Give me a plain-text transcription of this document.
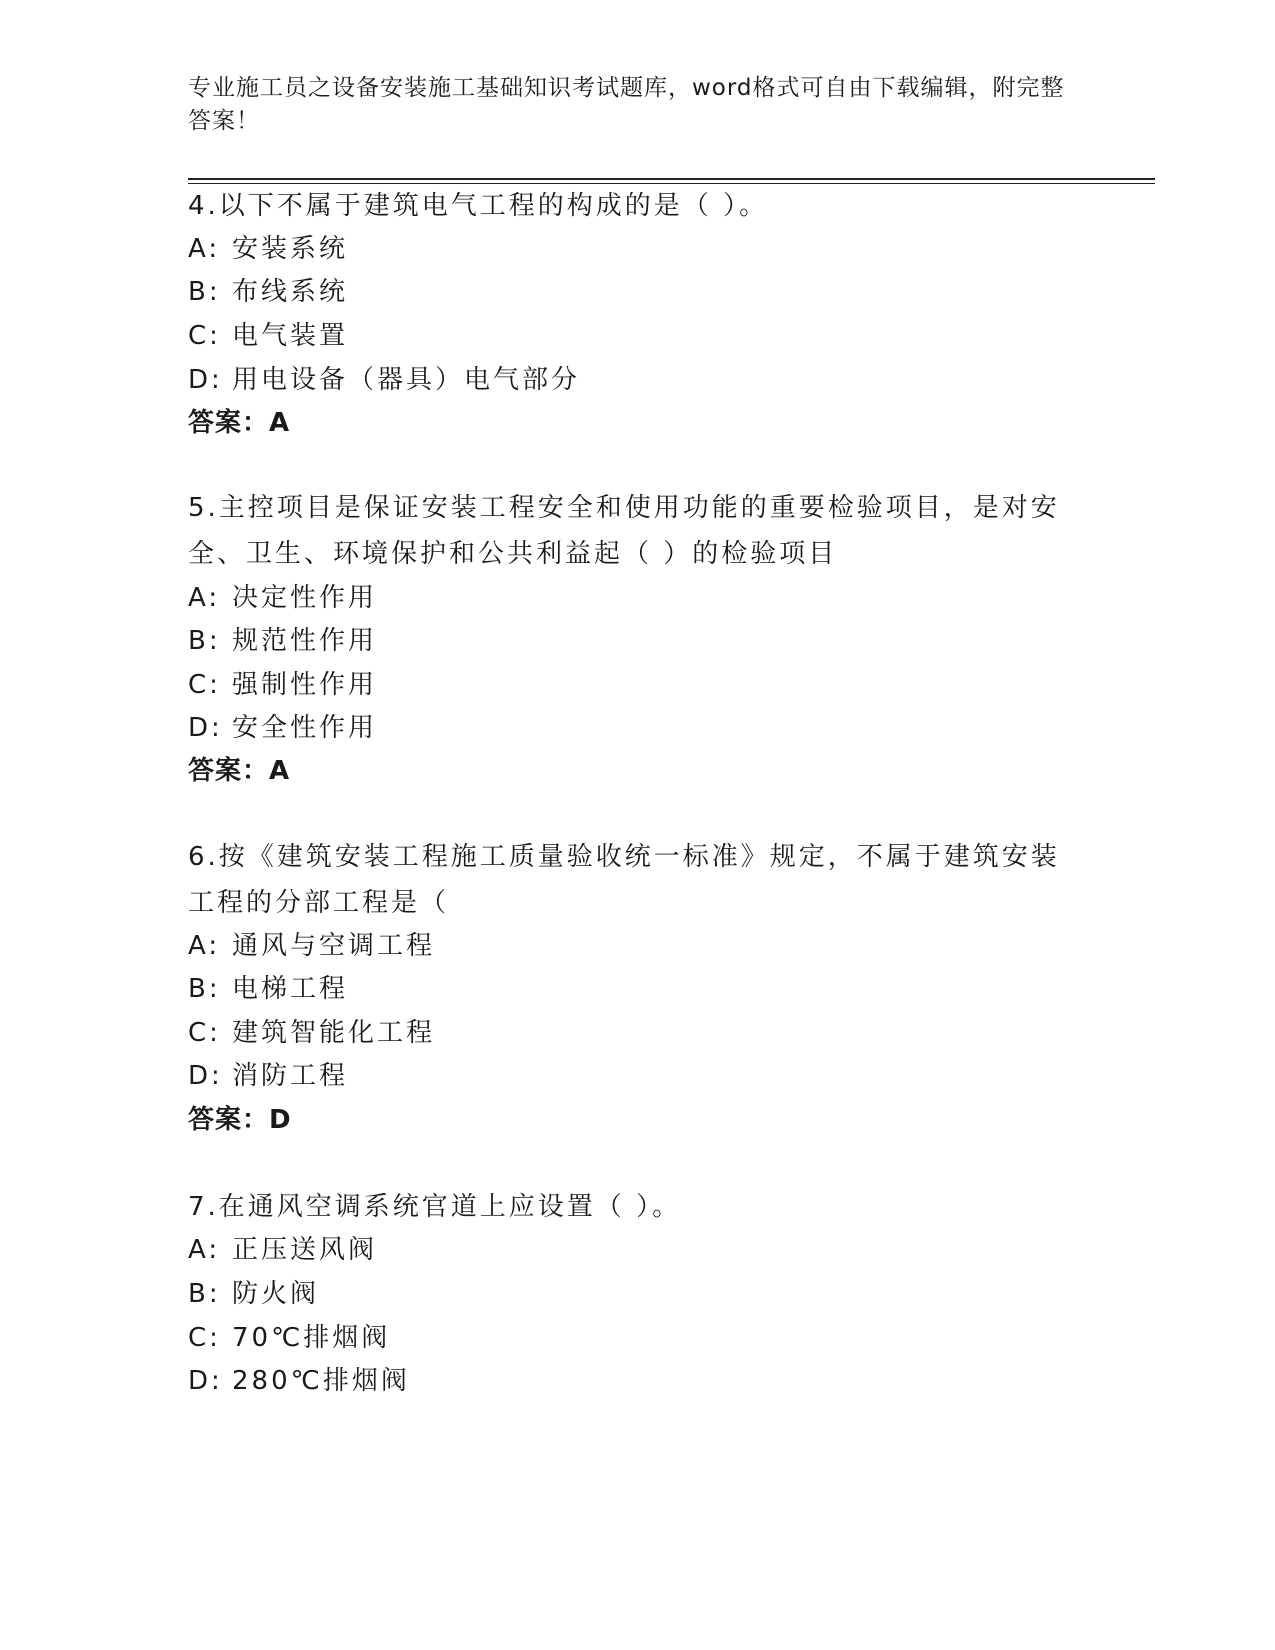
专业施工员之设备安装施工基础知识考试题库，word格式可自由下载编辑，附完整答案！
4.以下不属于建筑电气工程的构成的是（ ）。
A: 安装系统
B: 布线系统
C: 电气装置
D: 用电设备（器具）电气部分
答案：A
5.主控项目是保证安装工程安全和使用功能的重要检验项目，是对安全、卫生、环境保护和公共利益起（ ）的检验项目
A: 决定性作用
B: 规范性作用
C: 强制性作用
D: 安全性作用
答案：A
6.按《建筑安装工程施工质量验收统一标准》规定，不属于建筑安装工程的分部工程是（
A: 通风与空调工程
B: 电梯工程
C: 建筑智能化工程
D: 消防工程
答案：D
7.在通风空调系统官道上应设置（ ）。
A: 正压送风阀
B: 防火阀
C: 70℃排烟阀
D: 280℃排烟阀
